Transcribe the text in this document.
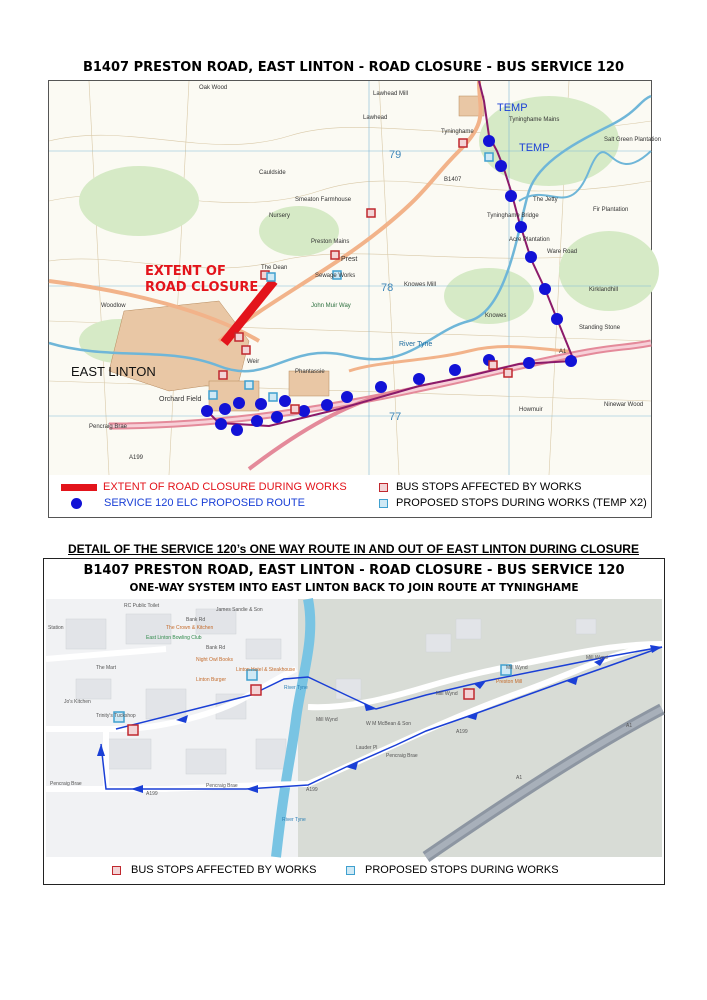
B1407 PRESTON ROAD, EAST LINTON - ROAD CLOSURE - BUS SERVICE 120
Oak Wood
Lawhead Mill
Lawhead
Tyninghame
Tyninghame Mains
Cauldside
Smeaton Farmhouse
Nursery
Preston Mains
Prest
Sewage Works
Knowes Mill
Knowes
Kirklandhill
Standing Stone
The Dean
Weir
River Tyne
Phantassie
Orchard Field
Howmuir
Ninewar Wood
Ware Road
Woodlow
Fir Plantation
Salt Green Plantation
The Jetty
Tyninghame Bridge
Acre Plantation
John Muir Way
Pencraig Brae
A199
B1407
A1
79
78
77
EAST LINTON
EXTENT OF
ROAD CLOSURE
TEMP
TEMP
EXTENT OF ROAD CLOSURE DURING WORKS
SERVICE 120 ELC PROPOSED ROUTE
BUS STOPS AFFECTED BY WORKS
PROPOSED STOPS DURING WORKS (TEMP X2)
DETAIL OF THE SERVICE 120’s ONE WAY ROUTE IN AND OUT OF EAST LINTON DURING CLOSURE
B1407 PRESTON ROAD, EAST LINTON - ROAD CLOSURE - BUS SERVICE 120
ONE-WAY SYSTEM INTO EAST LINTON BACK TO JOIN ROUTE AT TYNINGHAME
RC Public Toilet
James Sandie & Son
The Crown & Kitchen
Bank Rd
Bank Rd
East Linton Bowling Club
The Mart
Night Owl Books
Linton Hotel & Steakhouse
Linton Burger
Jo's Kitchen
Trinity's Tuckshop
River Tyne
River Tyne
Mill Wynd
Mill Wynd
Mill Wynd
Mill Wynd
W M McBean & Son
Preston Mill
A199
A199
A199
Pencraig Brae	Pencraig Brae
Pencraig Brae
A1
A1
Lauder Pl
Station
BUS STOPS AFFECTED BY WORKS	PROPOSED STOPS DURING WORKS
